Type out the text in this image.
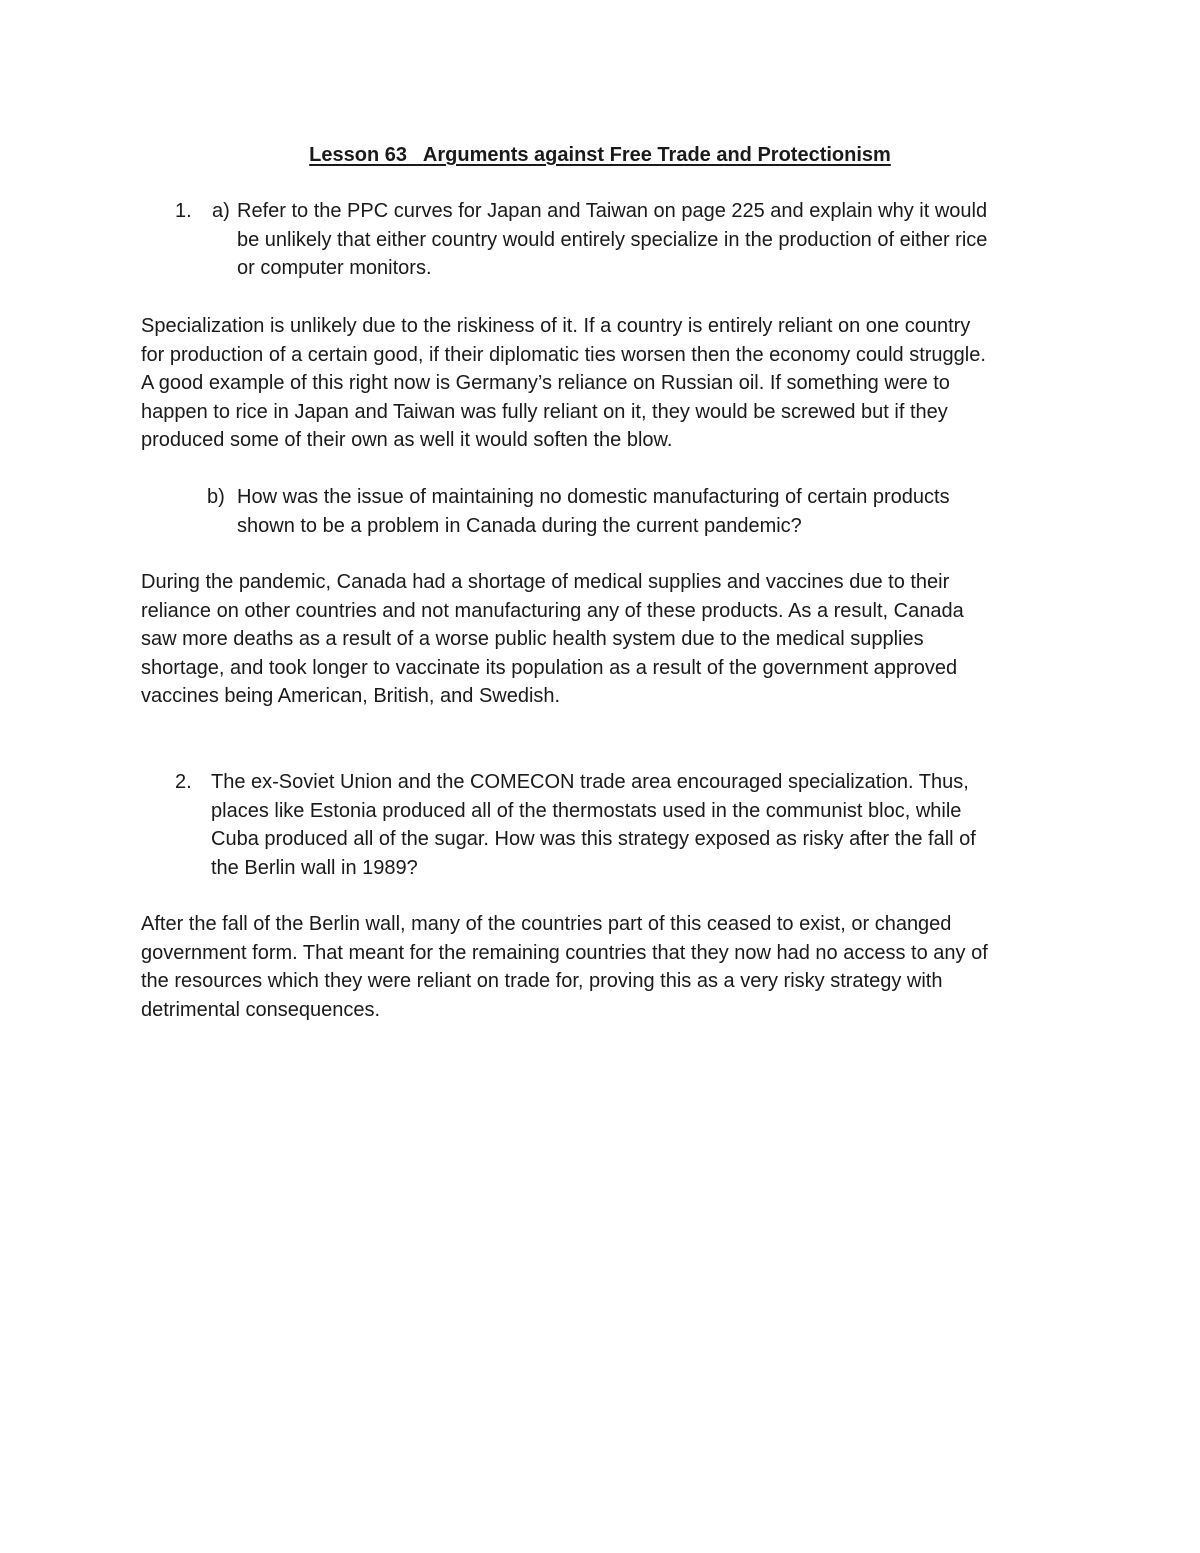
Lesson 63   Arguments against Free Trade and Protectionism
1. a) Refer to the PPC curves for Japan and Taiwan on page 225 and explain why it would
be unlikely that either country would entirely specialize in the production of either rice
or computer monitors.
Specialization is unlikely due to the riskiness of it. If a country is entirely reliant on one country
for production of a certain good, if their diplomatic ties worsen then the economy could struggle.
A good example of this right now is Germany’s reliance on Russian oil. If something were to
happen to rice in Japan and Taiwan was fully reliant on it, they would be screwed but if they
produced some of their own as well it would soften the blow.
b) How was the issue of maintaining no domestic manufacturing of certain products
shown to be a problem in Canada during the current pandemic?
During the pandemic, Canada had a shortage of medical supplies and vaccines due to their
reliance on other countries and not manufacturing any of these products. As a result, Canada
saw more deaths as a result of a worse public health system due to the medical supplies
shortage, and took longer to vaccinate its population as a result of the government approved
vaccines being American, British, and Swedish.
2. The ex-Soviet Union and the COMECON trade area encouraged specialization. Thus,
places like Estonia produced all of the thermostats used in the communist bloc, while
Cuba produced all of the sugar. How was this strategy exposed as risky after the fall of
the Berlin wall in 1989?
After the fall of the Berlin wall, many of the countries part of this ceased to exist, or changed
government form. That meant for the remaining countries that they now had no access to any of
the resources which they were reliant on trade for, proving this as a very risky strategy with
detrimental consequences.
